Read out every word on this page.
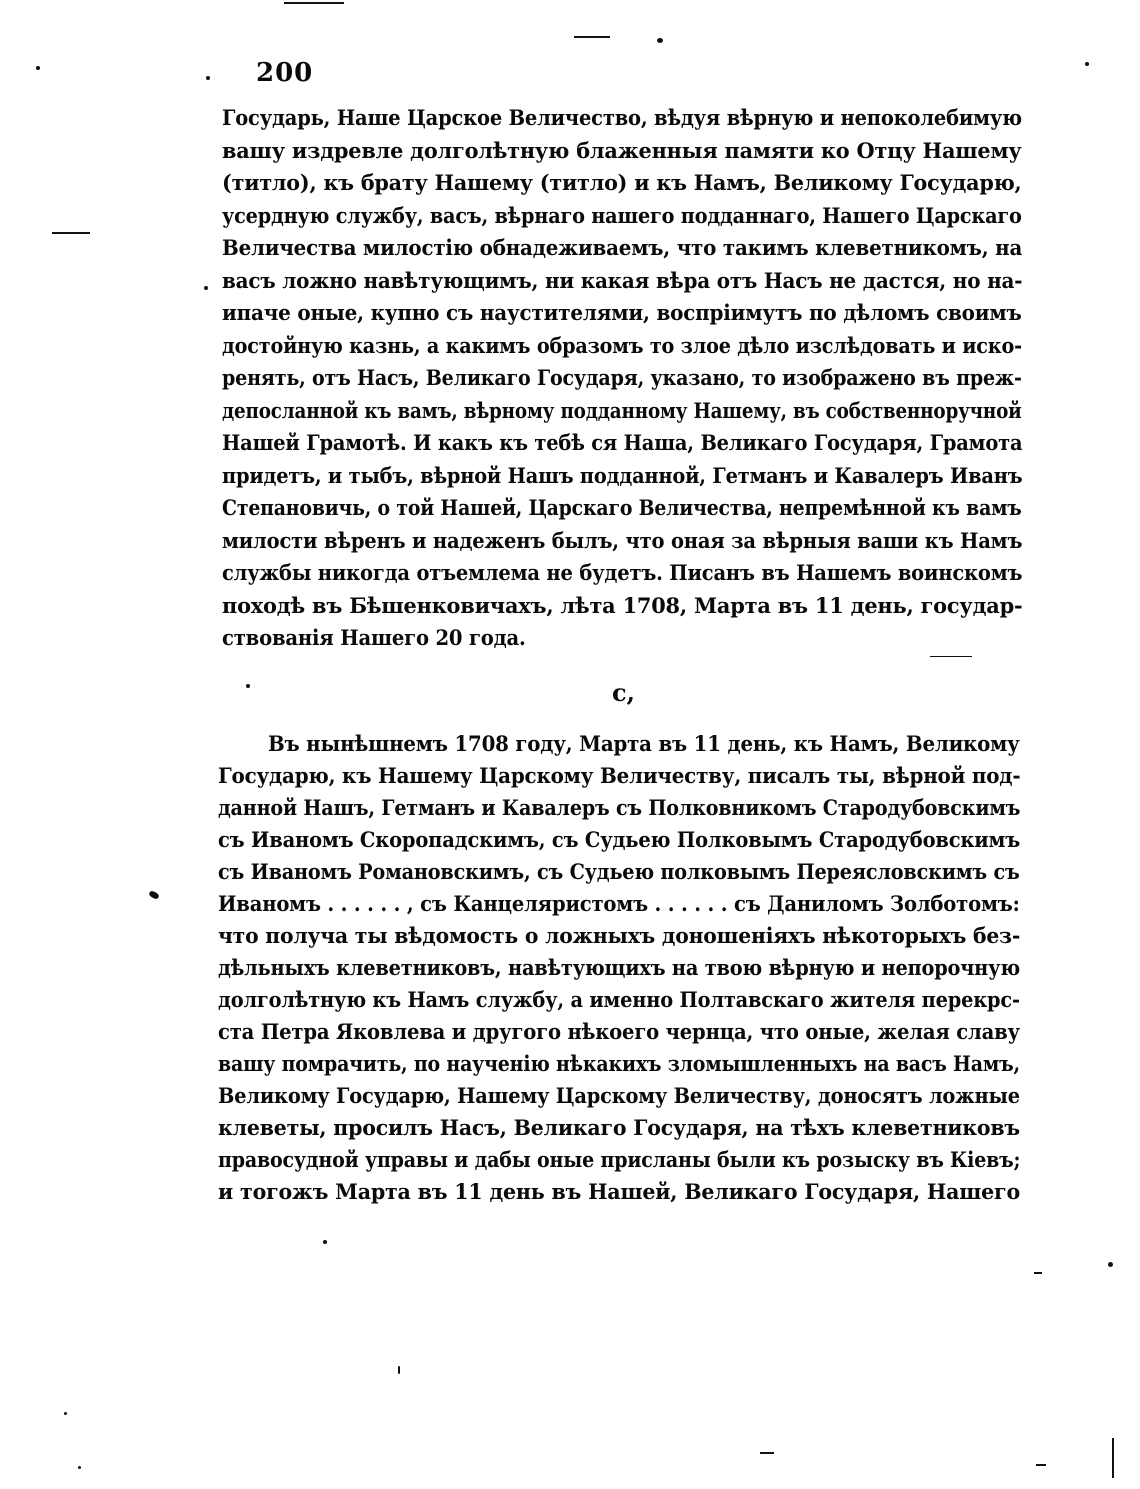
200
Государь, Наше Царское Величество, вѣдуя вѣрную и непоколебимую
вашу издревле долголѣтную блаженныя памяти ко Отцу Нашему
(титло), къ брату Нашему (титло) и къ Намъ, Великому Государю,
усердную службу, васъ, вѣрнаго нашего подданнаго, Нашего Царскаго
Величества милостію обнадеживаемъ, что такимъ клеветникомъ, на
васъ ложно навѣтующимъ, ни какая вѣра отъ Насъ не дастся, но на-
ипаче оные, купно съ наустителями, воспріимутъ по дѣломъ своимъ
достойную казнь, а какимъ образомъ то злое дѣло изслѣдовать и иско-
ренять, отъ Насъ, Великаго Государя, указано, то изображено въ преж-
депосланной къ вамъ, вѣрному подданному Нашему, въ собственноручной
Нашей Грамотѣ. И какъ къ тебѣ ся Наша, Великаго Государя, Грамота
придетъ, и тыбъ, вѣрной Нашъ подданной, Гетманъ и Кавалеръ Иванъ
Степановичь, о той Нашей, Царскаго Величества, непремѣнной къ вамъ
милости вѣренъ и надеженъ былъ, что оная за вѣрныя ваши къ Намъ
службы никогда отъемлема не будетъ. Писанъ въ Нашемъ воинскомъ
походѣ въ Бѣшенковичахъ, лѣта 1708, Марта въ 11 день, государ-
ствованія Нашего 20 года.
с,
Въ нынѣшнемъ 1708 году, Марта въ 11 день, къ Намъ, Великому
Государю, къ Нашему Царскому Величеству, писалъ ты, вѣрной под-
данной Нашъ, Гетманъ и Кавалеръ съ Полковникомъ Стародубовскимъ
съ Иваномъ Скоропадскимъ, съ Судьею Полковымъ Стародубовскимъ
съ Иваномъ Романовскимъ, съ Судьею полковымъ Переясловскимъ съ
Иваномъ . . . . . . , съ Канцеляристомъ . . . . . . съ Даниломъ Золботомъ:
что получа ты вѣдомость о ложныхъ доношеніяхъ нѣкоторыхъ без-
дѣльныхъ клеветниковъ, навѣтующихъ на твою вѣрную и непорочную
долголѣтную къ Намъ службу, а именно Полтавскаго жителя перекрс-
ста Петра Яковлева и другого нѣкоего чернца, что оные, желая славу
вашу помрачить, по наученію нѣкакихъ зломышленныхъ на васъ Намъ,
Великому Государю, Нашему Царскому Величеству, доносятъ ложные
клеветы, просилъ Насъ, Великаго Государя, на тѣхъ клеветниковъ
правосудной управы и дабы оные присланы были къ розыску въ Кіевъ;
и тогожъ Марта въ 11 день въ Нашей, Великаго Государя, Нашего
